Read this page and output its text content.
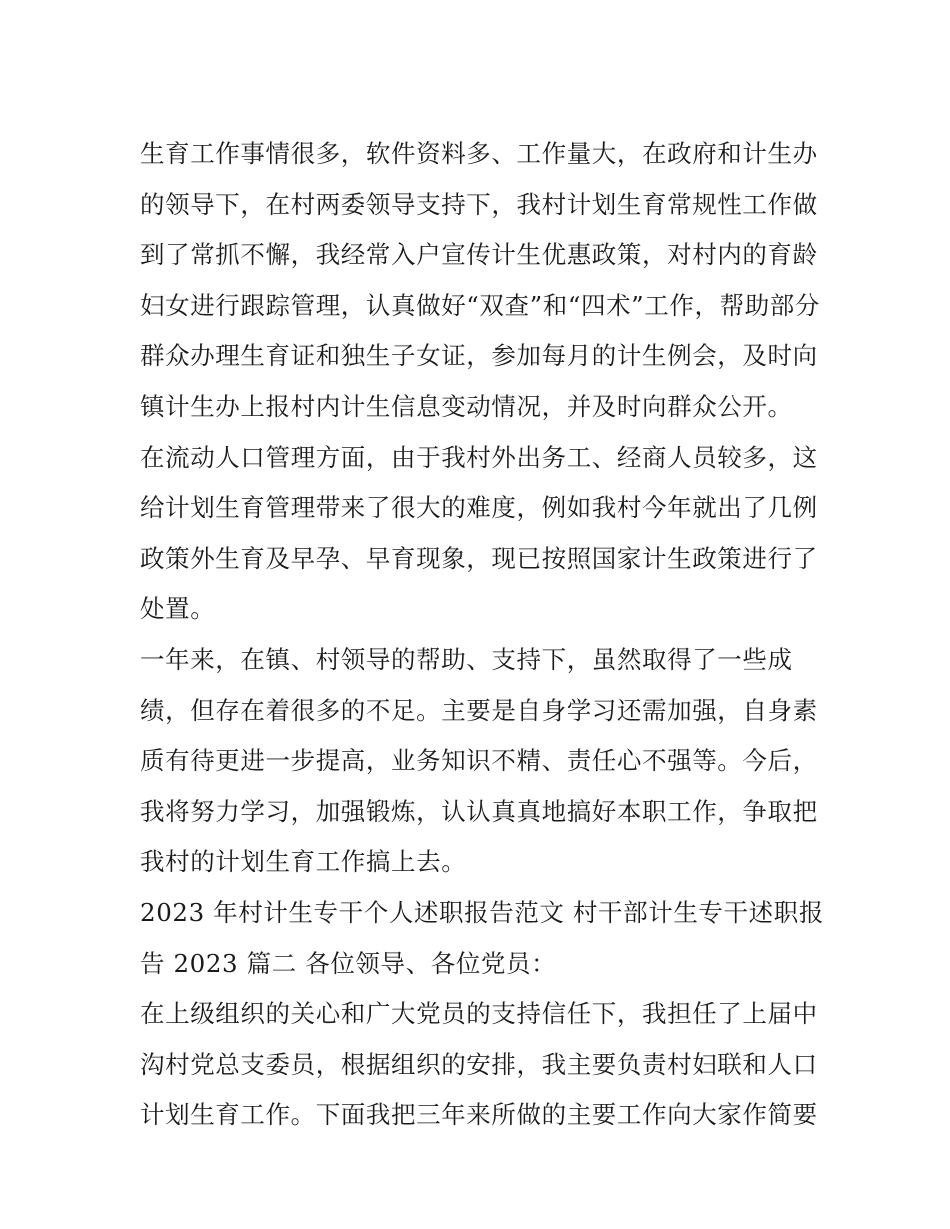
生育工作事情很多，软件资料多、工作量大，在政府和计生办
的领导下，在村两委领导支持下，我村计划生育常规性工作做
到了常抓不懈，我经常入户宣传计生优惠政策，对村内的育龄
妇女进行跟踪管理，认真做好“双查”和“四术”工作，帮助部分
群众办理生育证和独生子女证，参加每月的计生例会，及时向
镇计生办上报村内计生信息变动情况，并及时向群众公开。
在流动人口管理方面，由于我村外出务工、经商人员较多，这
给计划生育管理带来了很大的难度，例如我村今年就出了几例
政策外生育及早孕、早育现象，现已按照国家计生政策进行了
处置。
一年来，在镇、村领导的帮助、支持下，虽然取得了一些成
绩，但存在着很多的不足。主要是自身学习还需加强，自身素
质有待更进一步提高，业务知识不精、责任心不强等。今后，
我将努力学习，加强锻炼，认认真真地搞好本职工作，争取把
我村的计划生育工作搞上去。
2023 年村计生专干个人述职报告范文 村干部计生专干述职报
告 2023 篇二 各位领导、各位党员：
在上级组织的关心和广大党员的支持信任下，我担任了上届中
沟村党总支委员，根据组织的安排，我主要负责村妇联和人口
计划生育工作。下面我把三年来所做的主要工作向大家作简要
